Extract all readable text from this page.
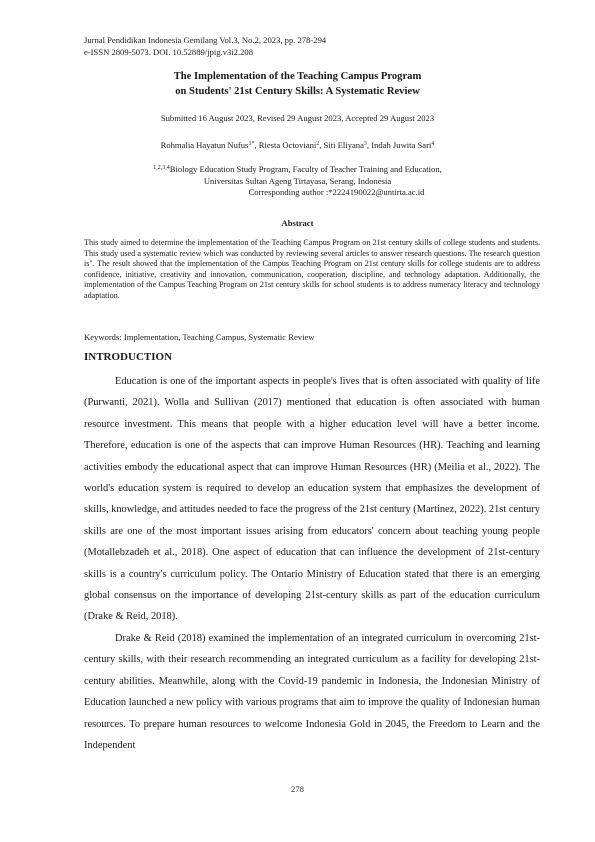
Jurnal Pendidikan Indonesia Gemilang Vol.3, No.2, 2023, pp. 278-294
e-ISSN 2809-5073. DOI. 10.52889/jpig.v3i2.208
The Implementation of the Teaching Campus Program
on Students' 21st Century Skills: A Systematic Review
Submitted 16 August 2023, Revised 29 August 2023, Accepted 29 August 2023
Rohmalia Hayatun Nufus$^{1*}$, Riesta Octoviani$^2$, Siti Eliyana$^3$, Indah Juwita Sari$^4$
$^{1,2,3,4}$Biology Education Study Program, Faculty of Teacher Training and Education,
Universitas Sultan Ageng Tirtayasa, Serang, Indonesia
Corresponding author :*2224190022@untirta.ac.id
Abstract
This study aimed to determine the implementation of the Teaching Campus Program on 21st century skills of college students and students. This study used a systematic review which was conducted by reviewing several articles to answer research questions. The research question is". The result showed that the implementation of the Campus Teaching Program on 21st century skills for college students are to address confidence, initiative, creativity and innovation, communication, cooperation, discipline, and technology adaptation. Additionally, the implementation of the Campus Teaching Program on 21st century skills for school students is to address numeracy literacy and technology adaptation.
Keywords: Implementation, Teaching Campus, Systematic Review
INTRODUCTION

Education is one of the important aspects in people's lives that is often associated with quality of life (Purwanti, 2021). Wolla and Sullivan (2017) mentioned that education is often associated with human resource investment. This means that people with a higher education level will have a better income. Therefore, education is one of the aspects that can improve Human Resources (HR). Teaching and learning activities embody the educational aspect that can improve Human Resources (HR) (Meilia et al., 2022). The world's education system is required to develop an education system that emphasizes the development of skills, knowledge, and attitudes needed to face the progress of the 21st century (Martinez, 2022). 21st century skills are one of the most important issues arising from educators' concern about teaching young people (Motallebzadeh et al., 2018). One aspect of education that can influence the development of 21st-century skills is a country's curriculum policy. The Ontario Ministry of Education stated that there is an emerging global consensus on the importance of developing 21st-century skills as part of the education curriculum (Drake & Reid, 2018).

Drake & Reid (2018) examined the implementation of an integrated curriculum in overcoming 21st-century skills, with their research recommending an integrated curriculum as a facility for developing 21st-century abilities. Meanwhile, along with the Covid-19 pandemic in Indonesia, the Indonesian Ministry of Education launched a new policy with various programs that aim to improve the quality of Indonesian human resources. To prepare human resources to welcome Indonesia Gold in 2045, the Freedom to Learn and the Independent

278
